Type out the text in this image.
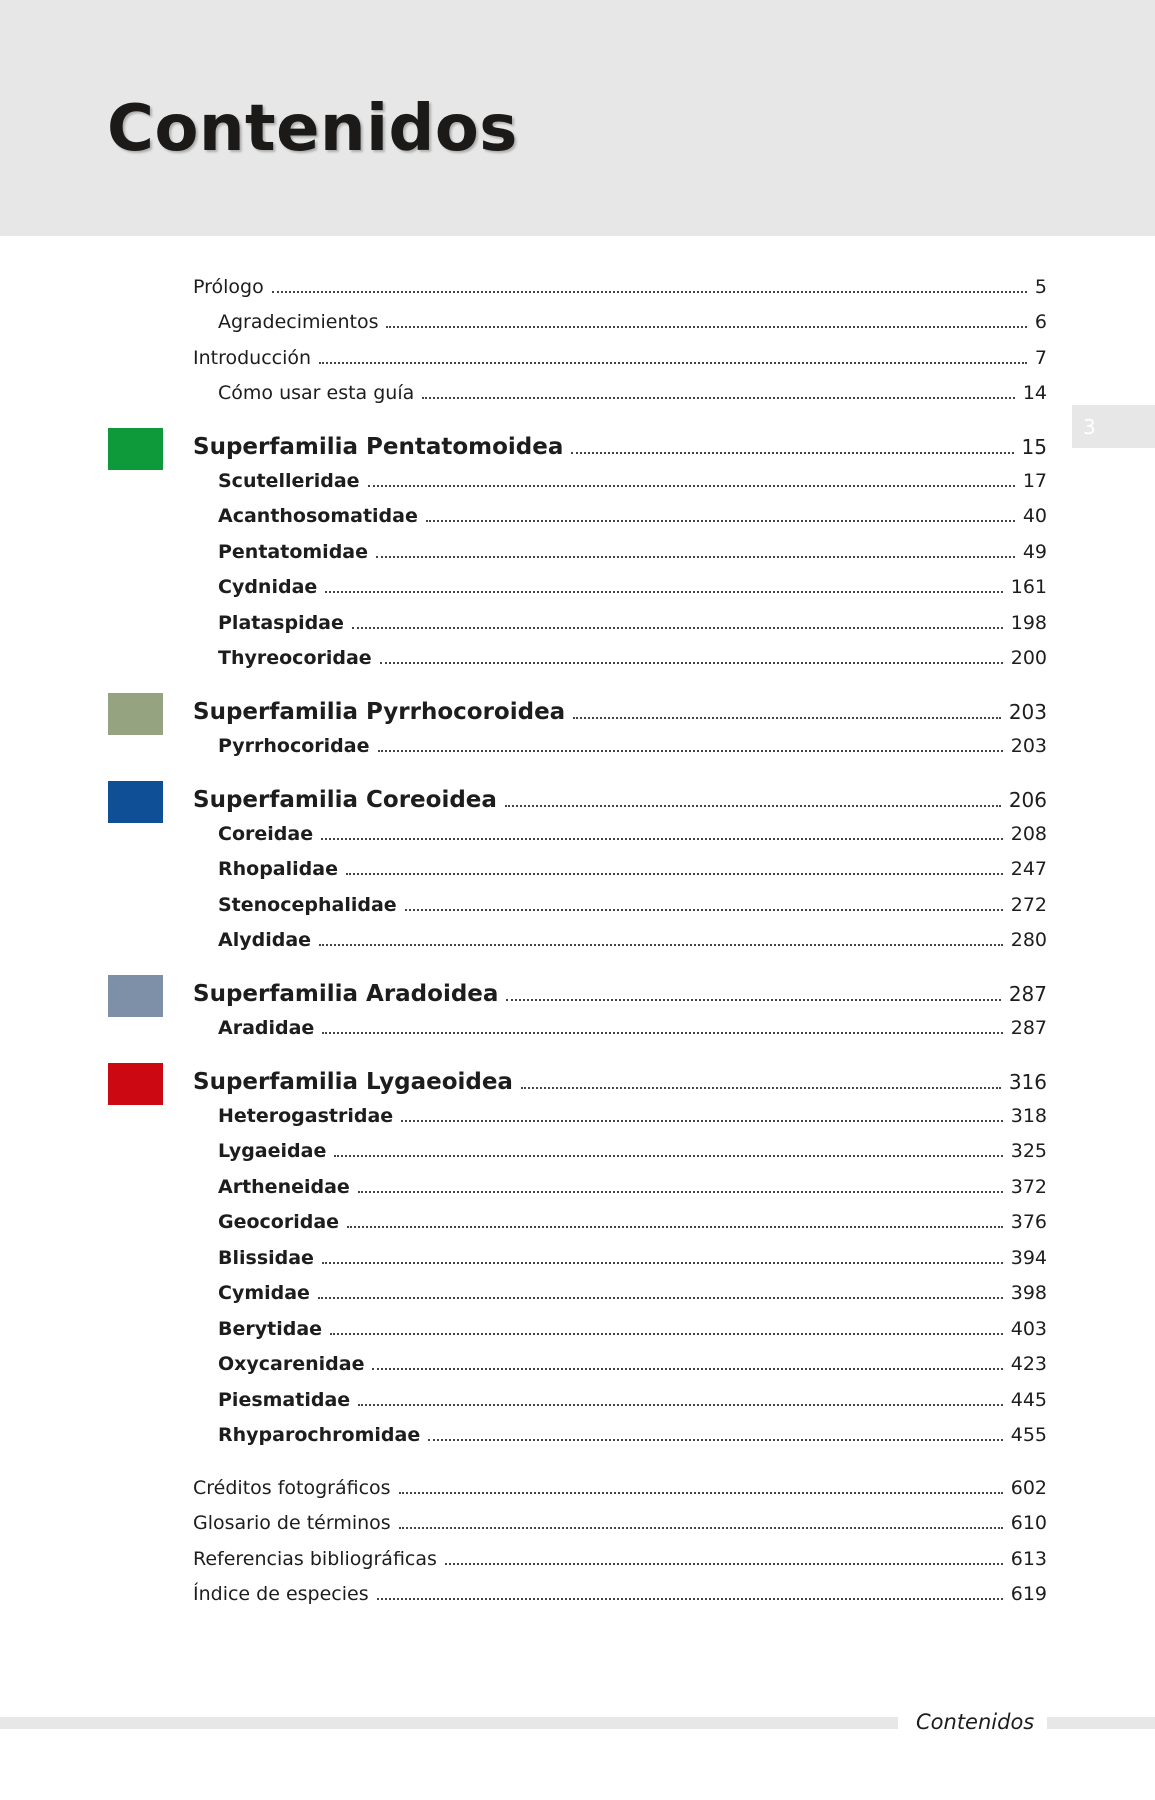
Contenidos
3
Prólogo	5
Agradecimientos	6
Introducción	7
Cómo usar esta guía	14
Superfamilia Pentatomoidea	15
Scutelleridae	17
Acanthosomatidae	40
Pentatomidae	49
Cydnidae	161
Plataspidae	198
Thyreocoridae	200
Superfamilia Pyrrhocoroidea	203
Pyrrhocoridae	203
Superfamilia Coreoidea	206
Coreidae	208
Rhopalidae	247
Stenocephalidae	272
Alydidae	280
Superfamilia Aradoidea	287
Aradidae	287
Superfamilia Lygaeoidea	316
Heterogastridae	318
Lygaeidae	325
Artheneidae	372
Geocoridae	376
Blissidae	394
Cymidae	398
Berytidae	403
Oxycarenidae	423
Piesmatidae	445
Rhyparochromidae	455
Créditos fotográficos	602
Glosario de términos	610
Referencias bibliográficas	613
Índice de especies	619
Contenidos
